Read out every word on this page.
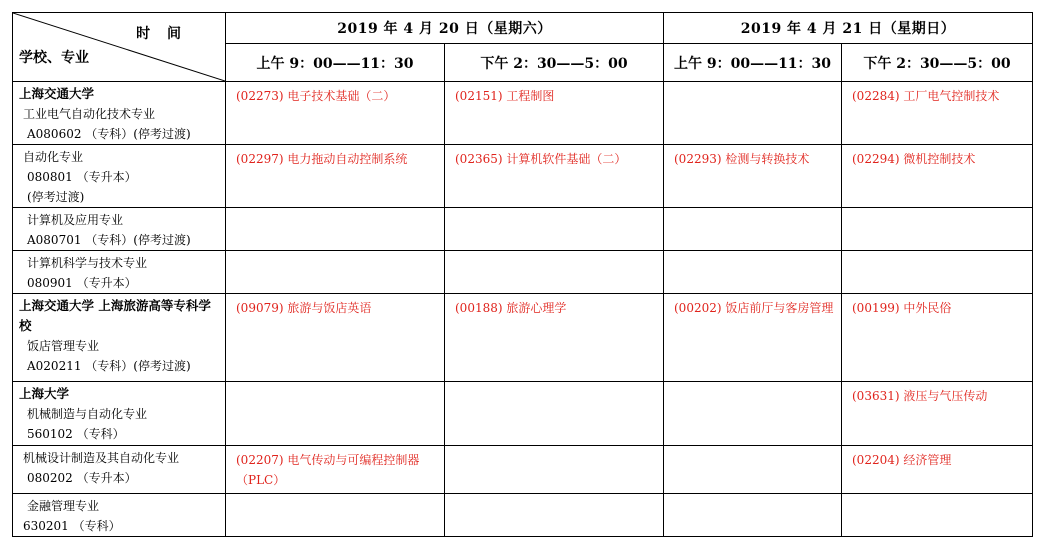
时 间
学校、专业	2019 年 4 月 20 日（星期六）		2019 年 4 月 21 日（星期日）	
	上午 9：00——11：30	下午 2：30——5：00	上午 9：00——11：30	下午 2：30——5：00

上海交通大学
工业电气自动化技术专业
A080602 （专科）(停考过渡)	(02273) 电子技术基础（二）	(02151) 工程制图		(02284) 工厂电气控制技术

自动化专业
080801 （专升本）
(停考过渡)	(02297) 电力拖动自动控制系统	(02365) 计算机软件基础（二）	(02293) 检测与转换技术	(02294) 微机控制技术

计算机及应用专业
A080701 （专科）(停考过渡)				

计算机科学与技术专业
080901 （专升本）				

上海交通大学 上海旅游高等专科学校
饭店管理专业
A020211 （专科）(停考过渡)	(09079) 旅游与饭店英语	(00188) 旅游心理学	(00202) 饭店前厅与客房管理	(00199) 中外民俗

上海大学
机械制造与自动化专业
560102 （专科）				(03631) 液压与气压传动

机械设计制造及其自动化专业
080202 （专升本）	(02207) 电气传动与可编程控制器（PLC）			(02204) 经济管理

金融管理专业
630201 （专科）				
